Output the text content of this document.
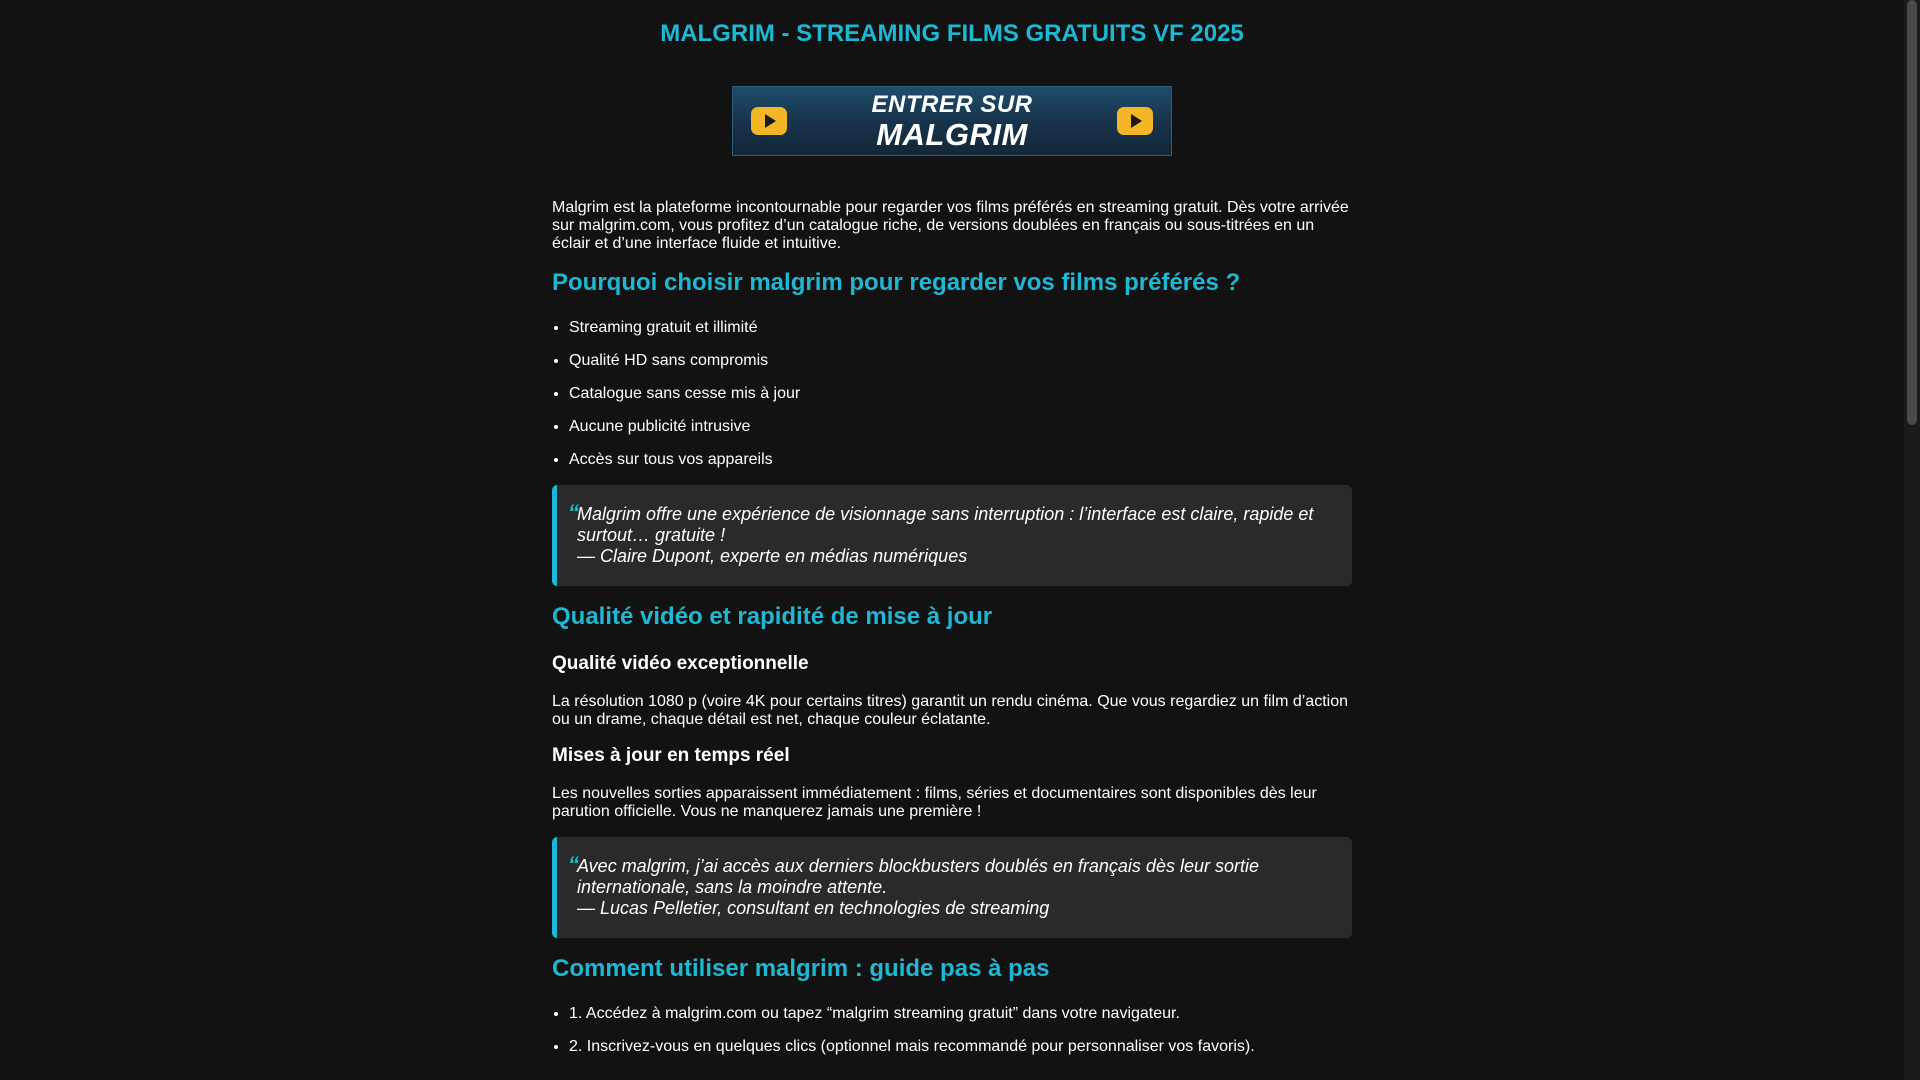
MALGRIM - STREAMING FILMS GRATUITS VF 2025
ENTRER SUR
MALGRIM

Malgrim est la plateforme incontournable pour regarder vos films préférés en streaming gratuit. Dès votre arrivée sur malgrim.com, vous profitez d’un catalogue riche, de versions doublées en français ou sous-titrées en un éclair et d’une interface fluide et intuitive.

Pourquoi choisir malgrim pour regarder vos films préférés ?
• Streaming gratuit et illimité
• Qualité HD sans compromis
• Catalogue sans cesse mis à jour
• Aucune publicité intrusive
• Accès sur tous vos appareils
“
Malgrim offre une expérience de visionnage sans interruption : l’interface est claire, rapide et surtout… gratuite !
— Claire Dupont, experte en médias numériques
Qualité vidéo et rapidité de mise à jour
Qualité vidéo exceptionnelle

La résolution 1080 p (voire 4K pour certains titres) garantit un rendu cinéma. Que vous regardiez un film d’action ou un drame, chaque détail est net, chaque couleur éclatante.

Mises à jour en temps réel

Les nouvelles sorties apparaissent immédiatement : films, séries et documentaires sont disponibles dès leur parution officielle. Vous ne manquerez jamais une première !

“
Avec malgrim, j’ai accès aux derniers blockbusters doublés en français dès leur sortie internationale, sans la moindre attente.
— Lucas Pelletier, consultant en technologies de streaming
Comment utiliser malgrim : guide pas à pas
• 1. Accédez à malgrim.com ou tapez “malgrim streaming gratuit” dans votre navigateur.
• 2. Inscrivez-vous en quelques clics (optionnel mais recommandé pour personnaliser vos favoris).
